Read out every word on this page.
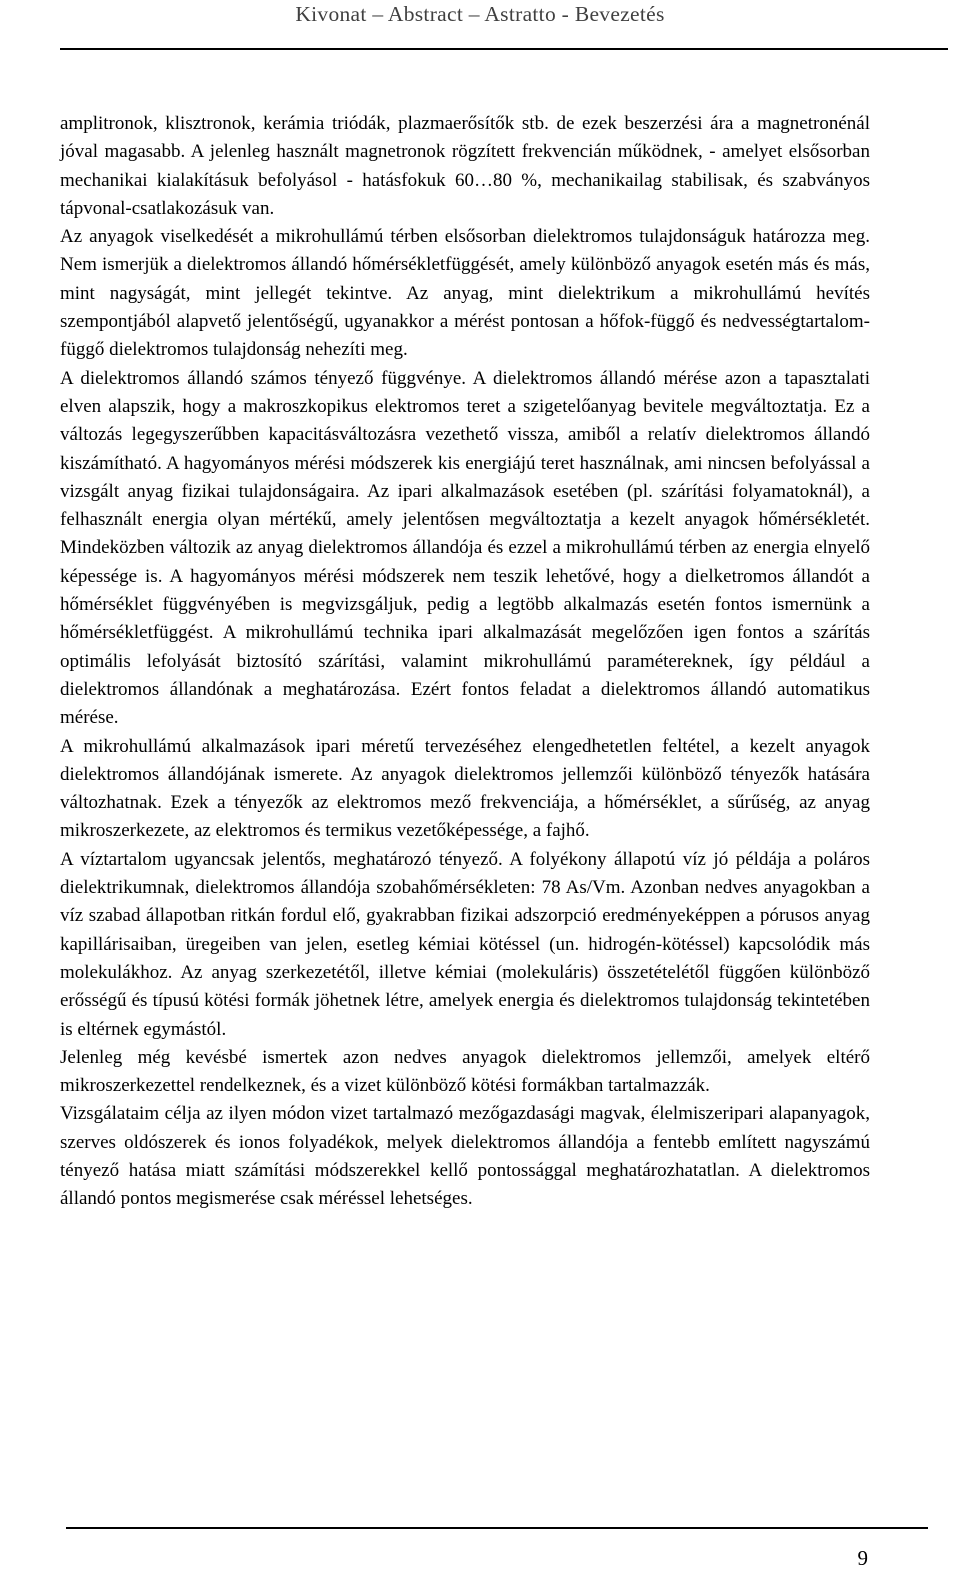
Kivonat – Abstract – Astratto - Bevezetés

amplitronok, klisztronok, kerámia triódák, plazmaerősítők stb. de ezek beszerzési ára a magnetronénál jóval magasabb. A jelenleg használt magnetronok rögzített frekvencián működnek, - amelyet elsősorban mechanikai kialakításuk befolyásol - hatásfokuk 60…80 %, mechanikailag stabilisak, és szabványos tápvonal-csatlakozásuk van.

Az anyagok viselkedését a mikrohullámú térben elsősorban dielektromos tulajdonságuk határozza meg. Nem ismerjük a dielektromos állandó hőmérsékletfüggését, amely különböző anyagok esetén más és más, mint nagyságát, mint jellegét tekintve. Az anyag, mint dielektrikum a mikrohullámú hevítés szempontjából alapvető jelentőségű, ugyanakkor a mérést pontosan a hőfok-függő és nedvességtartalom-függő dielektromos tulajdonság nehezíti meg.

A dielektromos állandó számos tényező függvénye. A dielektromos állandó mérése azon a tapasztalati elven alapszik, hogy a makroszkopikus elektromos teret a szigetelőanyag bevitele megváltoztatja. Ez a változás legegyszerűbben kapacitásváltozásra vezethető vissza, amiből a relatív dielektromos állandó kiszámítható. A hagyományos mérési módszerek kis energiájú teret használnak, ami nincsen befolyással a vizsgált anyag fizikai tulajdonságaira. Az ipari alkalmazások esetében (pl. szárítási folyamatoknál), a felhasznált energia olyan mértékű, amely jelentősen megváltoztatja a kezelt anyagok hőmérsékletét. Mindeközben változik az anyag dielektromos állandója és ezzel a mikrohullámú térben az energia elnyelő képessége is. A hagyományos mérési módszerek nem teszik lehetővé, hogy a dielketromos állandót a hőmérséklet függvényében is megvizsgáljuk, pedig a legtöbb alkalmazás esetén fontos ismernünk a hőmérsékletfüggést. A mikrohullámú technika ipari alkalmazását megelőzően igen fontos a szárítás optimális lefolyását biztosító szárítási, valamint mikrohullámú paramétereknek, így például a dielektromos állandónak a meghatározása. Ezért fontos feladat a dielektromos állandó automatikus mérése.

A mikrohullámú alkalmazások ipari méretű tervezéséhez elengedhetetlen feltétel, a kezelt anyagok dielektromos állandójának ismerete. Az anyagok dielektromos jellemzői különböző tényezők hatására változhatnak. Ezek a tényezők az elektromos mező frekvenciája, a hőmérséklet, a sűrűség, az anyag mikroszerkezete, az elektromos és termikus vezetőképessége, a fajhő.

A víztartalom ugyancsak jelentős, meghatározó tényező. A folyékony állapotú víz jó példája a poláros dielektrikumnak, dielektromos állandója szobahőmérsékleten: 78 As/Vm. Azonban nedves anyagokban a víz szabad állapotban ritkán fordul elő, gyakrabban fizikai adszorpció eredményeképpen a pórusos anyag kapillárisaiban, üregeiben van jelen, esetleg kémiai kötéssel (un. hidrogén-kötéssel) kapcsolódik más molekulákhoz. Az anyag szerkezetétől, illetve kémiai (molekuláris) összetételétől függően különböző erősségű és típusú kötési formák jöhetnek létre, amelyek energia és dielektromos tulajdonság tekintetében is eltérnek egymástól.

Jelenleg még kevésbé ismertek azon nedves anyagok dielektromos jellemzői, amelyek eltérő mikroszerkezettel rendelkeznek, és a vizet különböző kötési formákban tartalmazzák.

Vizsgálataim célja az ilyen módon vizet tartalmazó mezőgazdasági magvak, élelmiszeripari alapanyagok, szerves oldószerek és ionos folyadékok, melyek dielektromos állandója a fentebb említett nagyszámú tényező hatása miatt számítási módszerekkel kellő pontossággal meghatározhatatlan. A dielektromos állandó pontos megismerése csak méréssel lehetséges.

9
